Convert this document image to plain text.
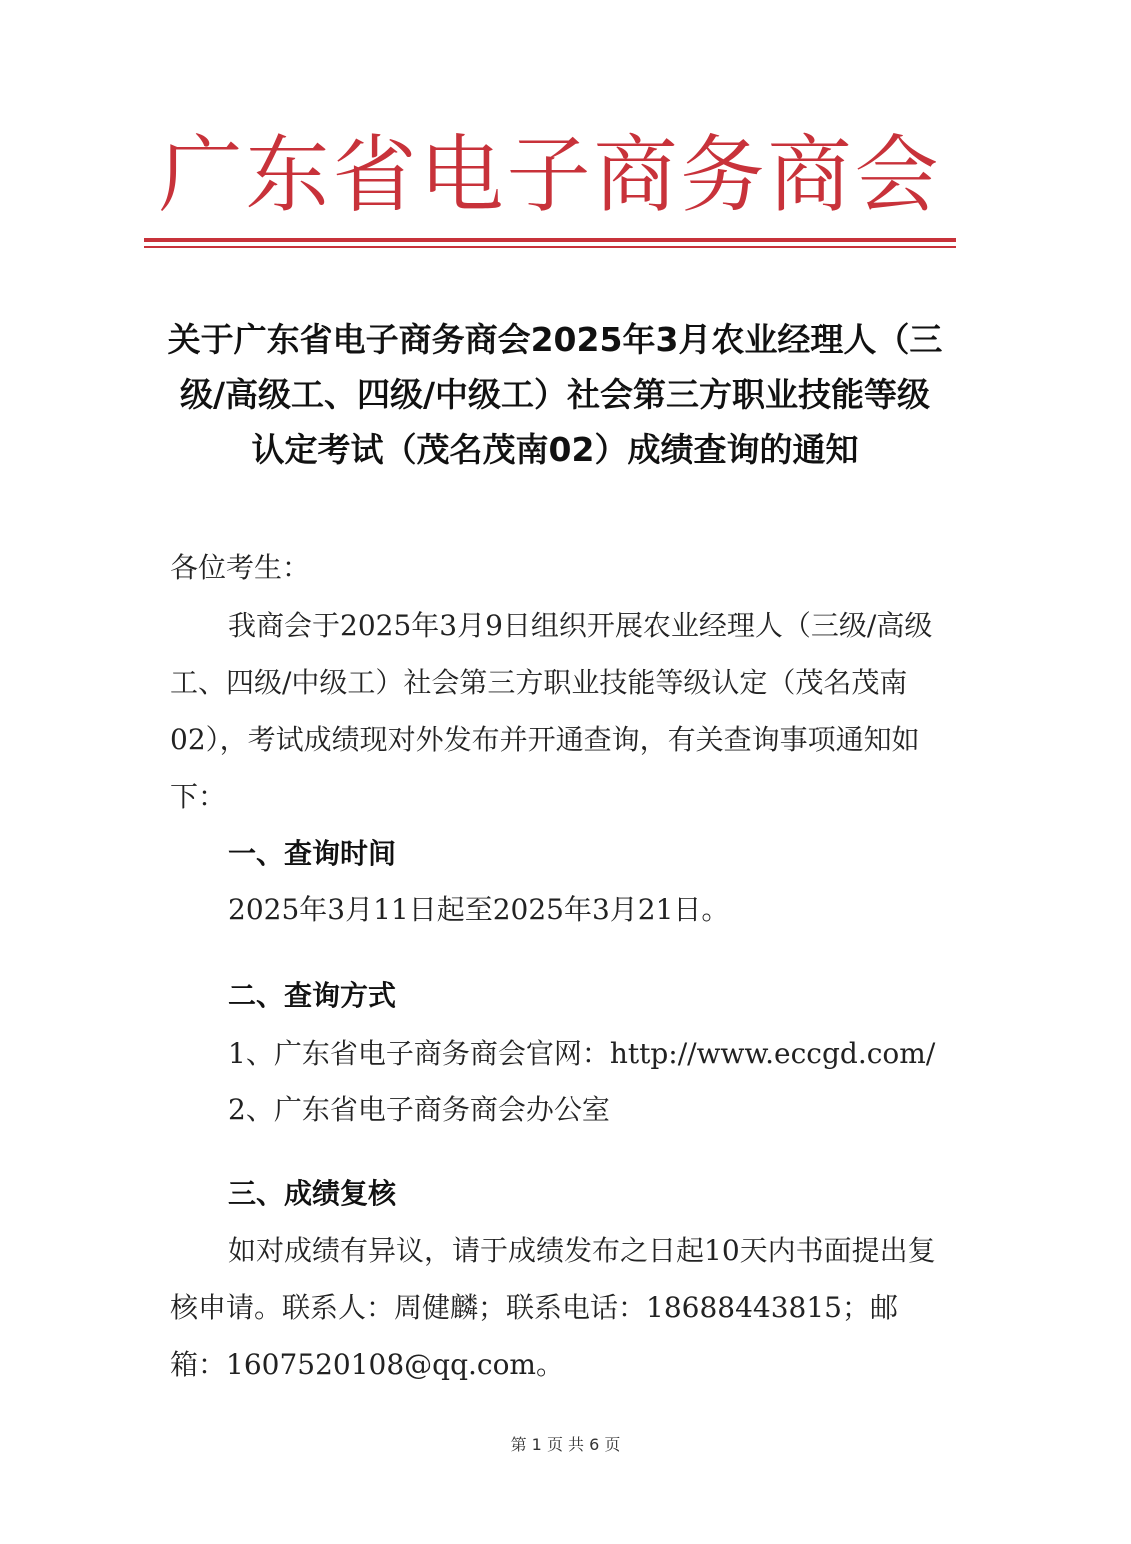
广东省电子商务商会
关于广东省电子商务商会2025年3月农业经理人（三
级/高级工、四级/中级工）社会第三方职业技能等级
认定考试（茂名茂南02）成绩查询的通知
各位考生：
我商会于2025年3月9日组织开展农业经理人（三级/高级工、四级/中级工）社会第三方职业技能等级认定（茂名茂南02），考试成绩现对外发布并开通查询，有关查询事项通知如下：
一、查询时间
2025年3月11日起至2025年3月21日。
二、查询方式
1、广东省电子商务商会官网：http://www.eccgd.com/
2、广东省电子商务商会办公室
三、成绩复核
如对成绩有异议，请于成绩发布之日起10天内书面提出复核申请。联系人：周健麟；联系电话：18688443815；邮箱：1607520108@qq.com。
第 1 页 共 6 页
